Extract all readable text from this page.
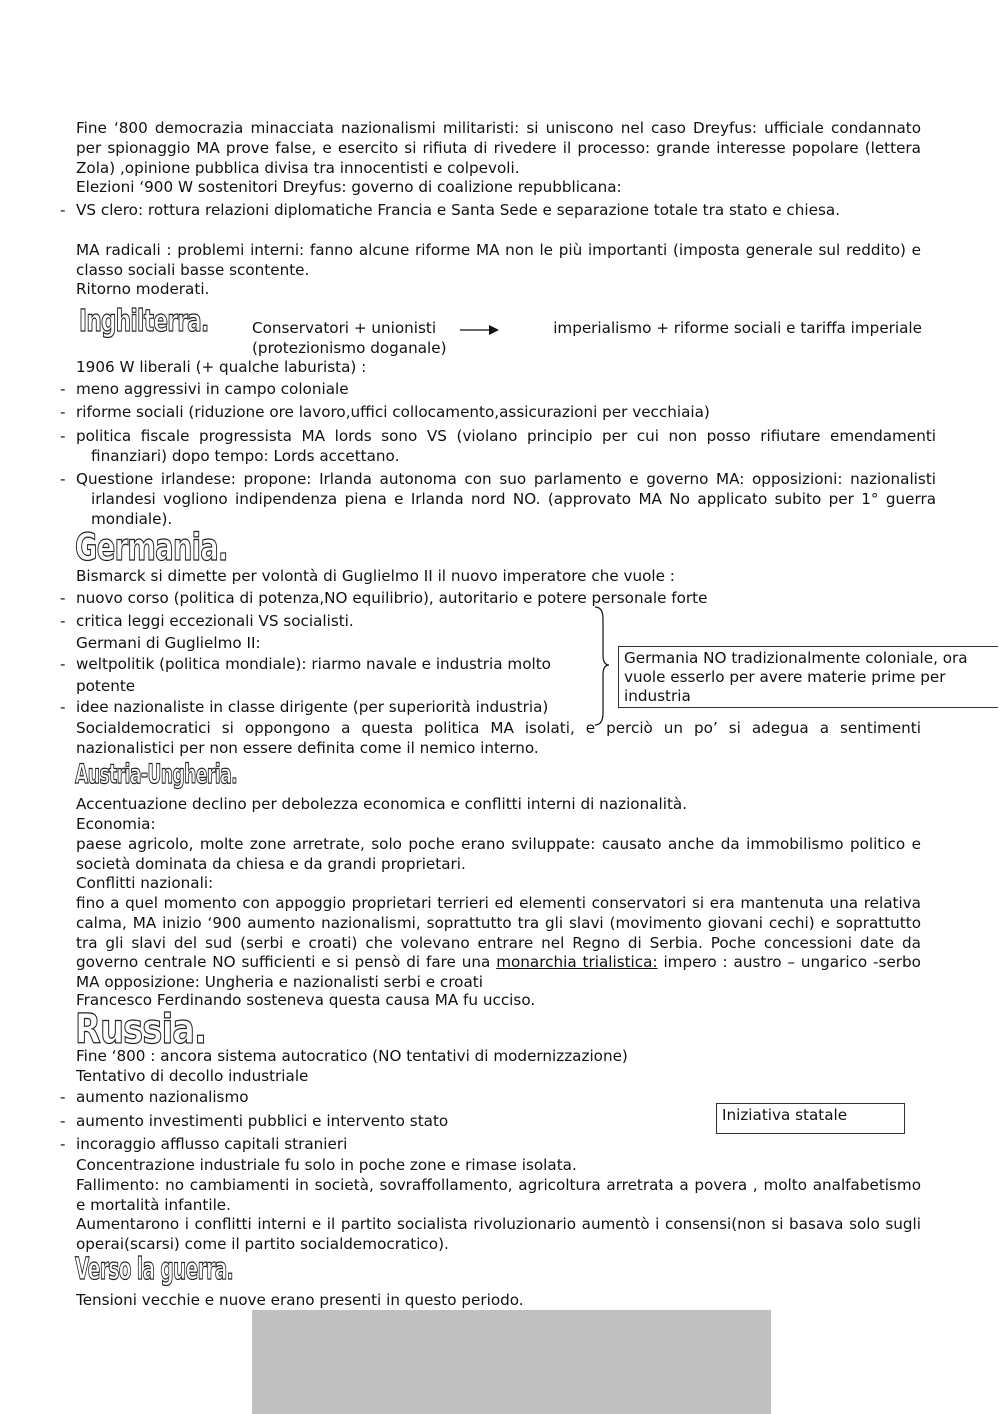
Fine ‘800 democrazia minacciata nazionalismi militaristi: si uniscono nel caso Dreyfus: ufficiale condannato per spionaggio MA prove false, e esercito si rifiuta di rivedere il processo: grande interesse popolare (lettera Zola) ,opinione pubblica divisa tra innocentisti e colpevoli.

Elezioni ‘900 W sostenitori Dreyfus: governo di coalizione repubblicana:

- VS clero: rottura relazioni diplomatiche Francia e Santa Sede e separazione totale tra stato e chiesa.

MA radicali : problemi interni: fanno alcune riforme MA non le più importanti (imposta generale sul reddito) e classo sociali basse scontente.

Ritorno moderati.

Inghilterra.	Conservatori + unionisti	imperialismo + riforme sociali e tariffa imperiale
(protezionismo doganale)

1906 W liberali (+ qualche laburista) :

- meno aggressivi in campo coloniale

- riforme sociali (riduzione ore lavoro,uffici collocamento,assicurazioni per vecchiaia)

- politica fiscale progressista MA lords sono VS (violano principio per cui non posso rifiutare emendamenti finanziari) dopo tempo: Lords accettano.

- Questione irlandese: propone: Irlanda autonoma con suo parlamento e governo MA: opposizioni: nazionalisti irlandesi vogliono indipendenza piena e Irlanda nord NO. (approvato MA No applicato subito per 1° guerra mondiale).

Germania.

Bismarck si dimette per volontà di Guglielmo II il nuovo imperatore che vuole :

- nuovo corso (politica di potenza,NO equilibrio), autoritario e potere personale forte

- critica leggi eccezionali VS socialisti.

Germani di Guglielmo II:

- weltpolitik (politica mondiale): riarmo navale e industria molto

potente

- idee nazionaliste in classe dirigente (per superiorità industria)

Germania NO tradizionalmente coloniale, ora
vuole esserlo per avere materie prime per
industria

Socialdemocratici si oppongono a questa politica MA isolati, e perciò un po’ si adegua a sentimenti nazionalistici per non essere definita come il nemico interno.

Austria-Ungheria.

Accentuazione declino per debolezza economica e conflitti interni di nazionalità.

Economia:

paese agricolo, molte zone arretrate, solo poche erano sviluppate: causato anche da immobilismo politico e società dominata da chiesa e da grandi proprietari.

Conflitti nazionali:

fino a quel momento con appoggio proprietari terrieri ed elementi conservatori si era mantenuta una relativa calma, MA inizio ‘900 aumento nazionalismi, soprattutto tra gli slavi (movimento giovani cechi) e soprattutto tra gli slavi del sud (serbi e croati) che volevano entrare nel Regno di Serbia. Poche concessioni date da governo centrale NO sufficienti e si pensò di fare una monarchia trialistica: impero : austro – ungarico -serbo MA opposizione: Ungheria e nazionalisti serbi e croati

Francesco Ferdinando sosteneva questa causa MA fu ucciso.

Russia.

Fine ‘800 : ancora sistema autocratico (NO tentativi di modernizzazione)

Tentativo di decollo industriale

- aumento nazionalismo

- aumento investimenti pubblici e intervento stato

- incoraggio afflusso capitali stranieri

Iniziativa statale

Concentrazione industriale fu solo in poche zone e rimase isolata.

Fallimento: no cambiamenti in società, sovraffollamento, agricoltura arretrata a povera , molto analfabetismo e mortalità infantile.

Aumentarono i conflitti interni e il partito socialista rivoluzionario aumentò i consensi(non si basava solo sugli operai(scarsi) come il partito socialdemocratico).

Verso la guerra.

Tensioni vecchie e nuove erano presenti in questo periodo.
